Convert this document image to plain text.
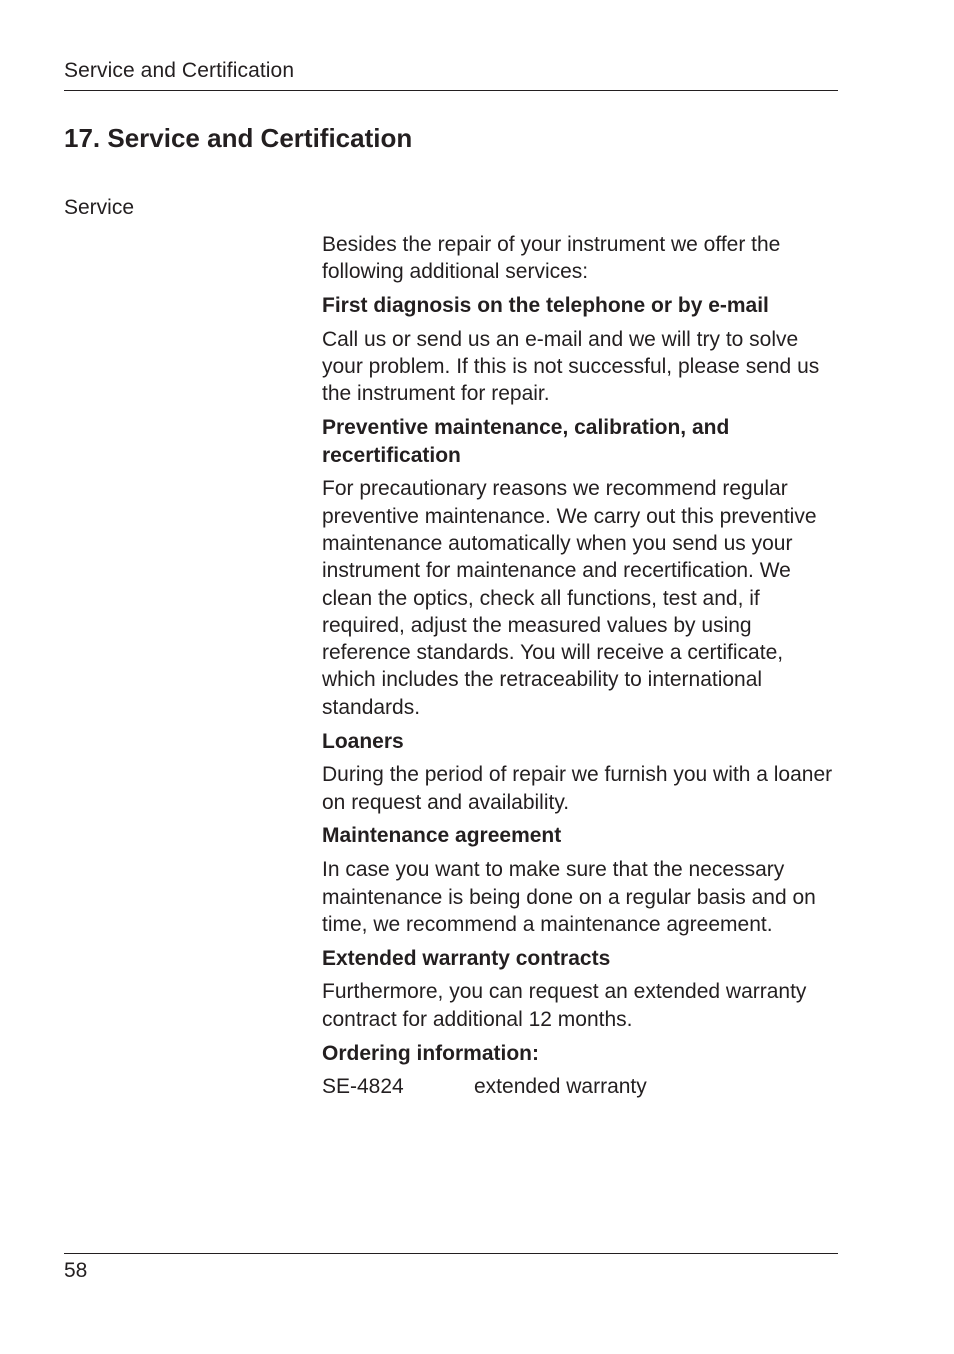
Service and Certification
17. Service and Certification
Service

Besides the repair of your instrument we offer the following additional services:

First diagnosis on the telephone or by e-mail

Call us or send us an e-mail and we will try to solve your problem. If this is not successful, please send us the instrument for repair.

Preventive maintenance, calibration, and recertification

For precautionary reasons we recommend regular preventive maintenance. We carry out this preventive maintenance automatically when you send us your instrument for maintenance and recertification. We clean the optics, check all functions, test and, if required, adjust the measured values by using reference standards. You will receive a certificate, which includes the retraceability to international standards.

Loaners

During the period of repair we furnish you with a loaner on request and availability.

Maintenance agreement

In case you want to make sure that the necessary maintenance is being done on a regular basis and on time, we recommend a maintenance agreement.

Extended warranty contracts

Furthermore, you can request an extended warranty contract for additional 12 months.

Ordering information:

SE-4824	extended warranty
58
